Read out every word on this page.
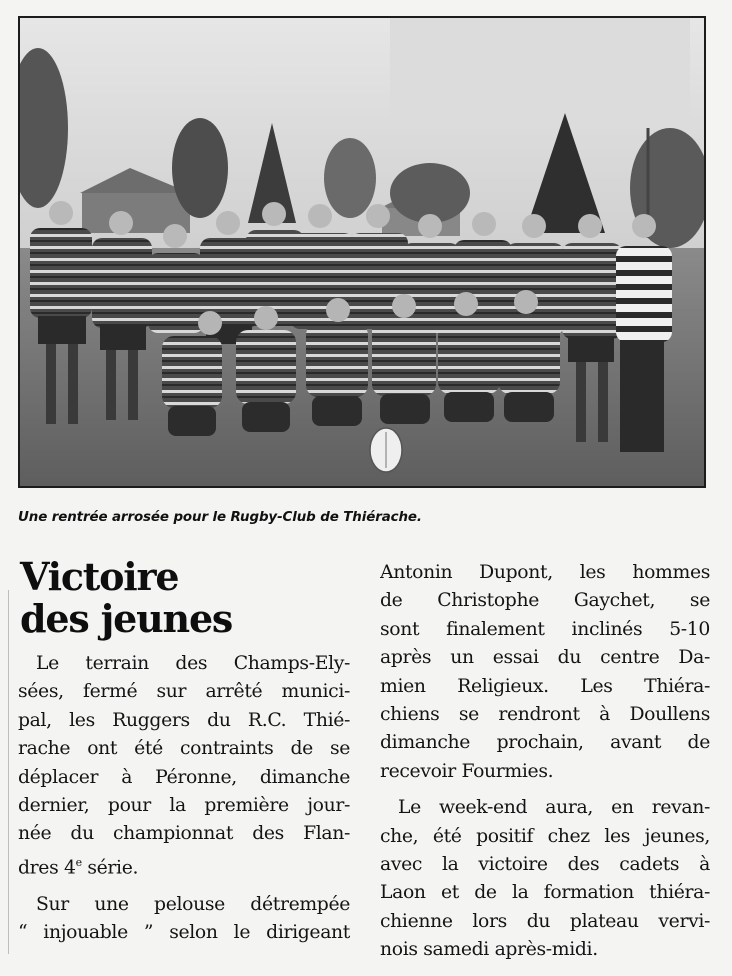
Une rentrée arrosée pour le Rugby-Club de Thiérache.
Victoire
des jeunes
Le terrain des Champs-Ely-
sées, fermé sur arrêté munici-
pal, les Ruggers du R.C. Thié-
rache ont été contraints de se
déplacer à Péronne, dimanche
dernier, pour la première jour-
née du championnat des Flan-
dres 4e série.
Sur une pelouse détrempée
“ injouable ” selon le dirigeant
Antonin Dupont, les hommes
de Christophe Gaychet, se
sont finalement inclinés 5-10
après un essai du centre Da-
mien Religieux. Les Thiéra-
chiens se rendront à Doullens
dimanche prochain, avant de
recevoir Fourmies.
Le week-end aura, en revan-
che, été positif chez les jeunes,
avec la victoire des cadets à
Laon et de la formation thiéra-
chienne lors du plateau vervi-
nois samedi après-midi.
